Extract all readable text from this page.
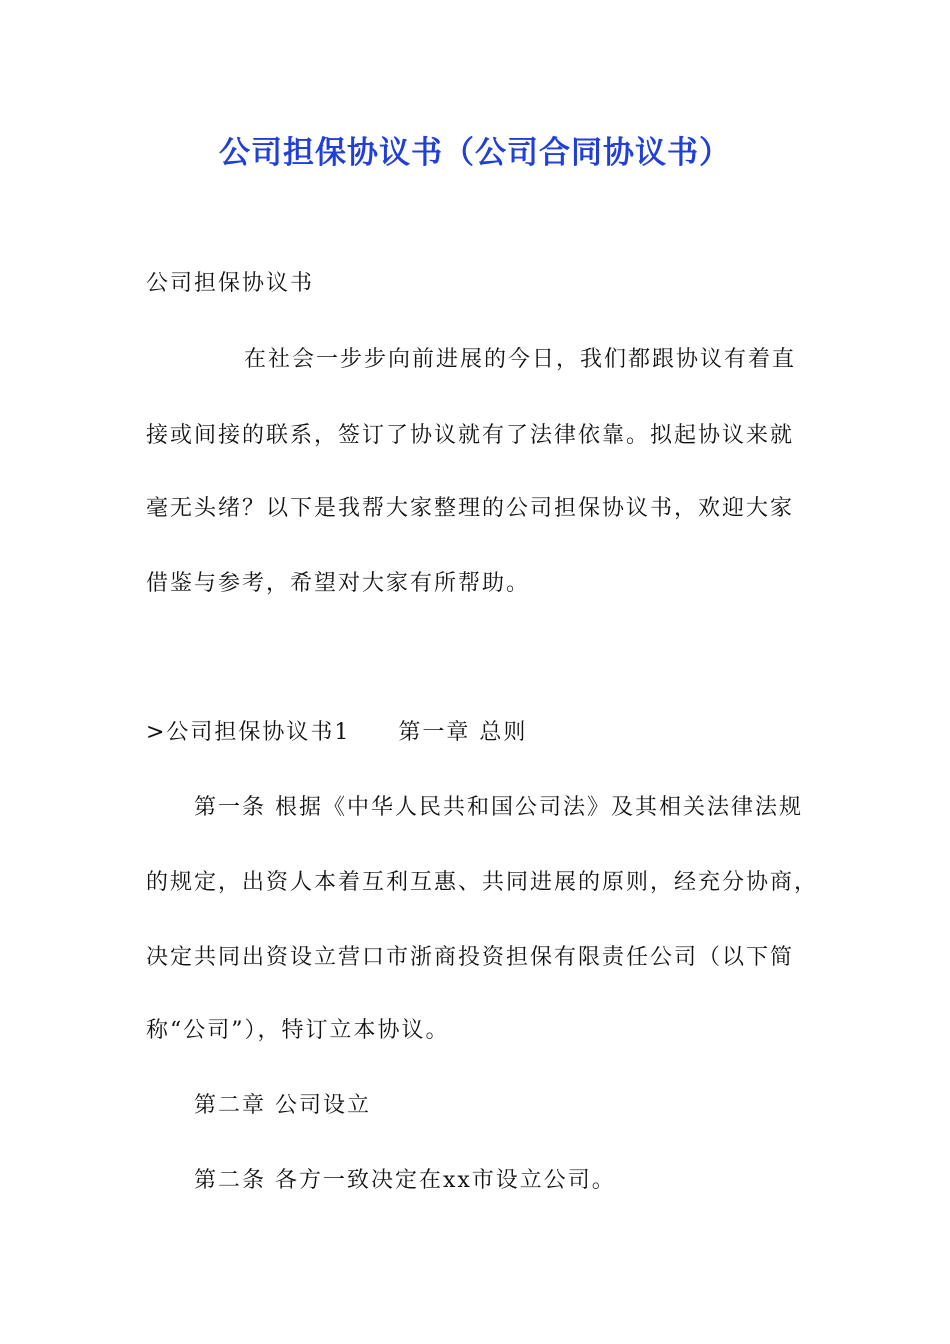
公司担保协议书（公司合同协议书）
公司担保协议书
在社会一步步向前进展的今日，我们都跟协议有着直
接或间接的联系，签订了协议就有了法律依靠。拟起协议来就
毫无头绪？以下是我帮大家整理的公司担保协议书，欢迎大家
借鉴与参考，希望对大家有所帮助。
>公司担保协议书1　　第一章 总则
第一条 根据《中华人民共和国公司法》及其相关法律法规
的规定，出资人本着互利互惠、共同进展的原则，经充分协商，
决定共同出资设立营口市浙商投资担保有限责任公司（以下简
称“公司”），特订立本协议。
第二章 公司设立
第二条 各方一致决定在xx市设立公司。
